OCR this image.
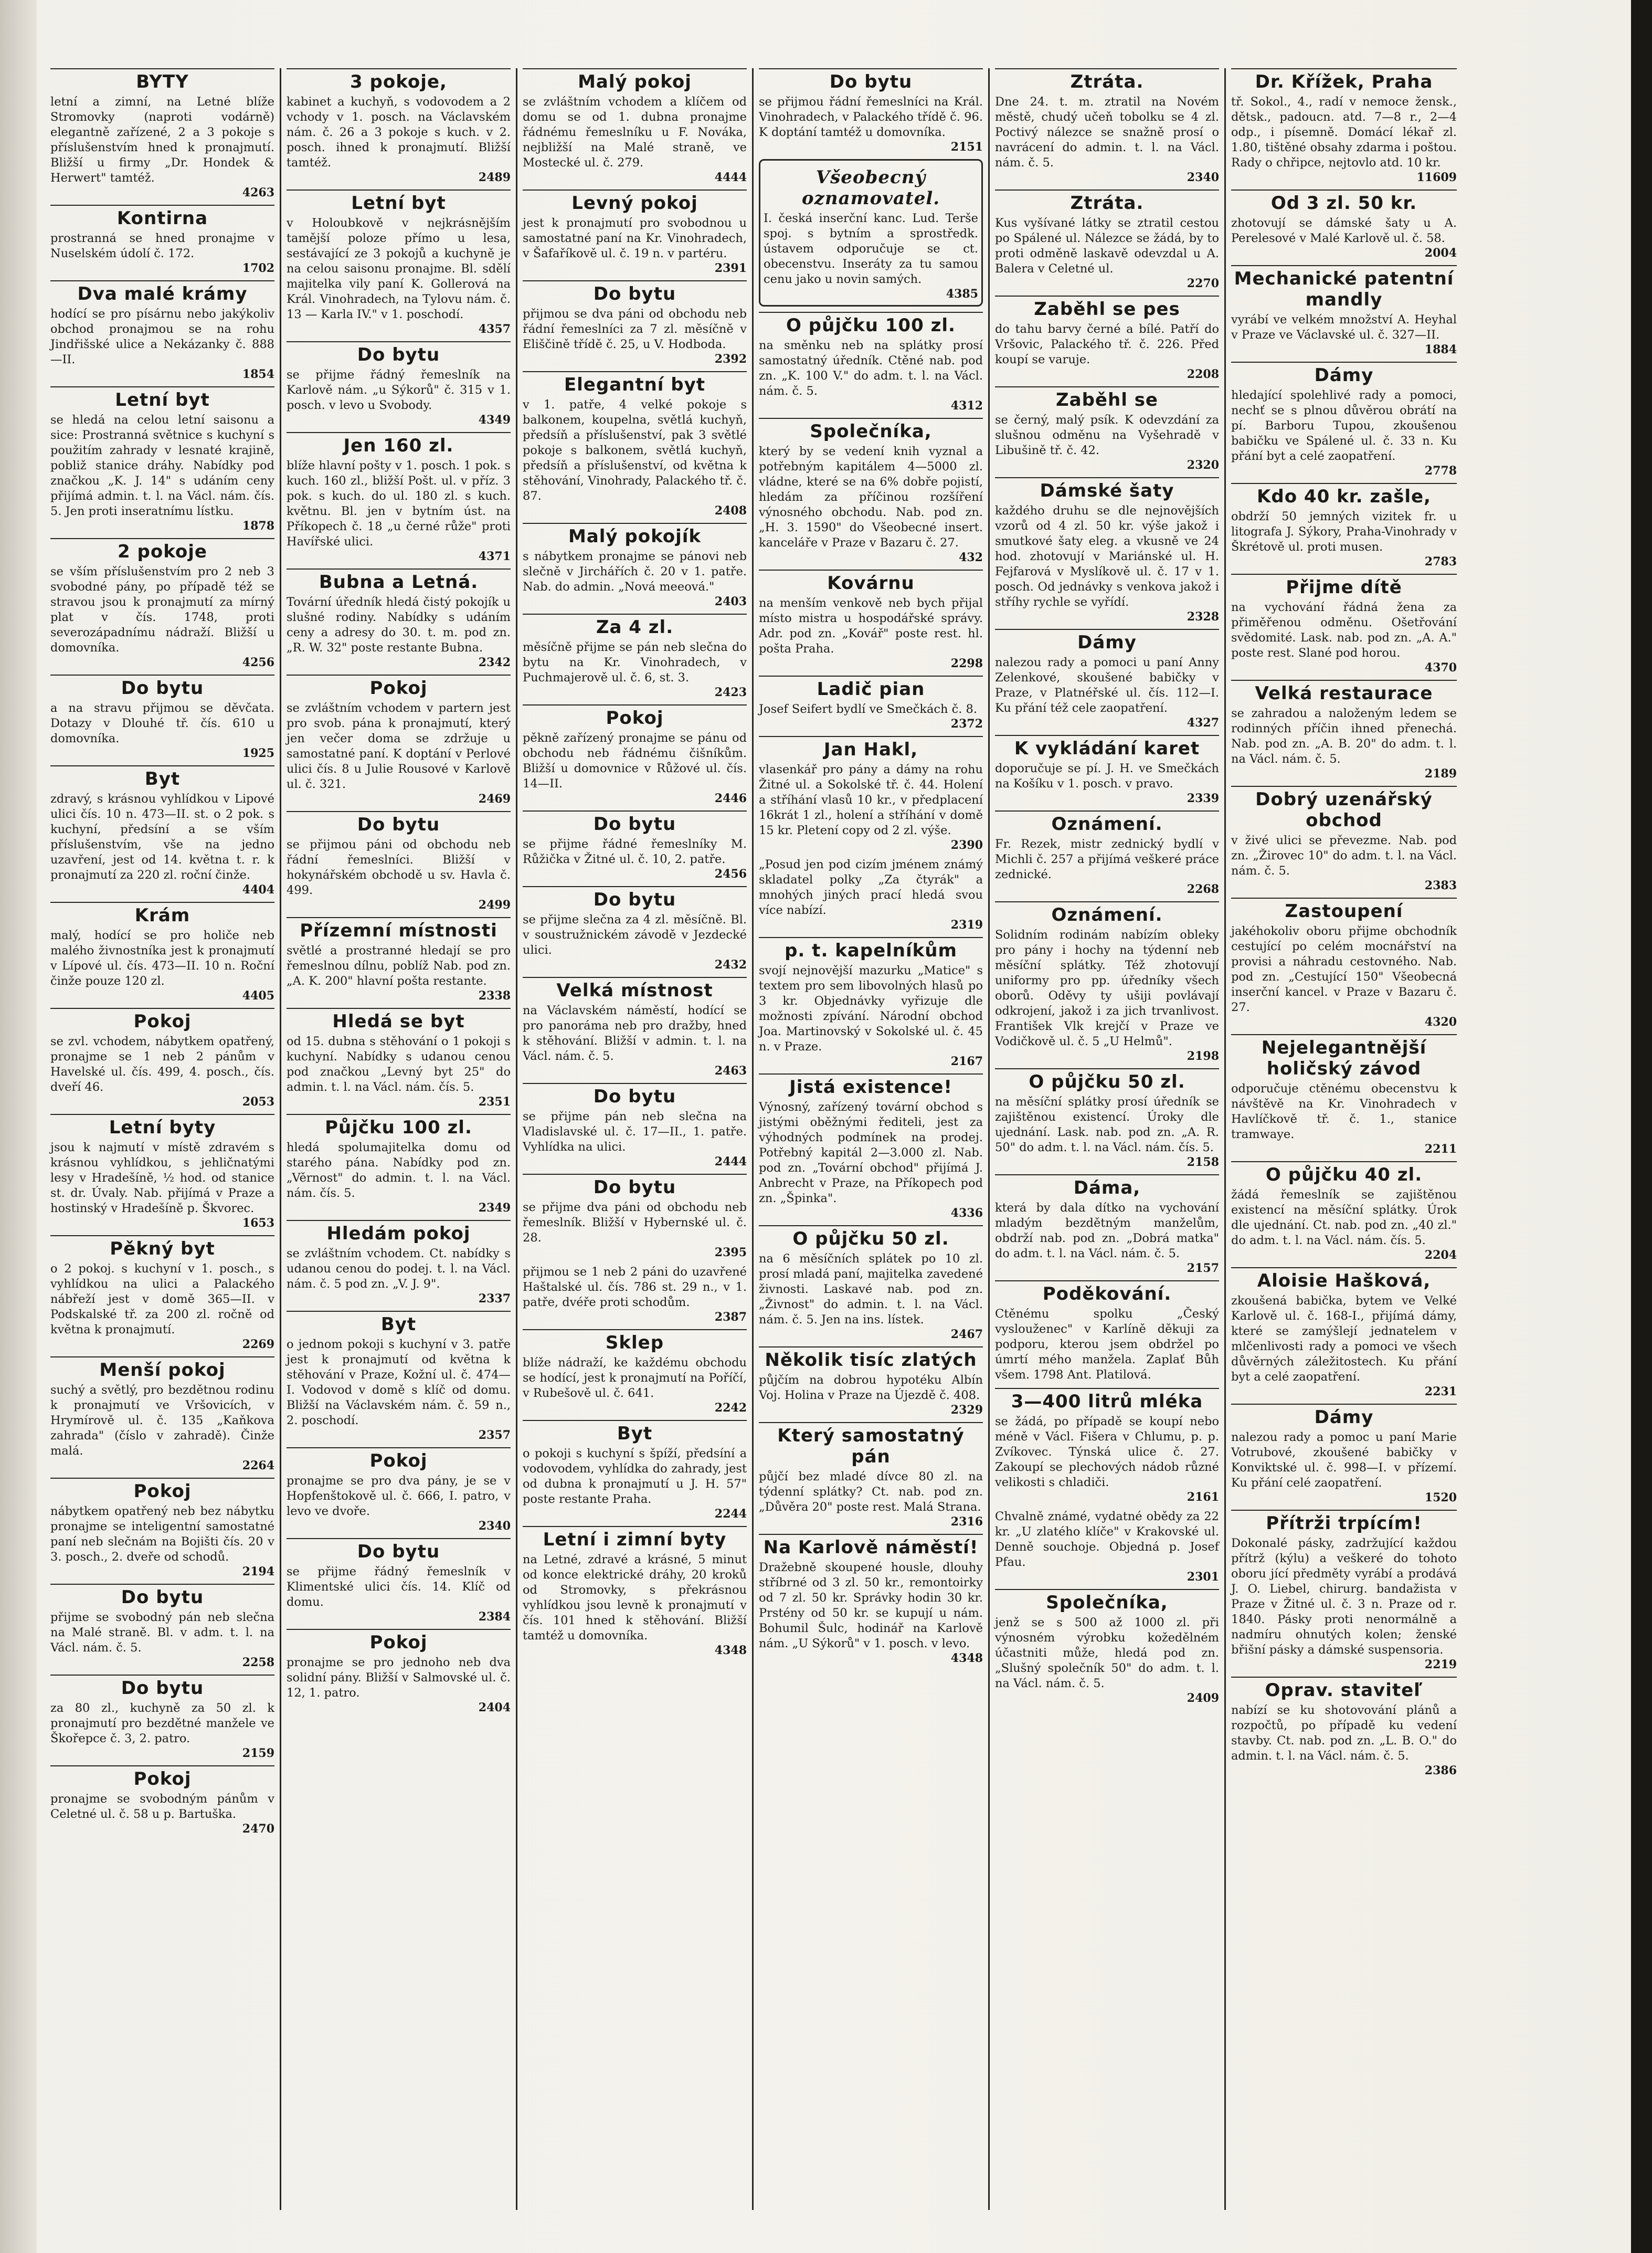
BYTY
letní a zimní, na Letné blíže Stromovky (naproti vodárně) elegantně zařízené, 2 a 3 pokoje s příslušenstvím hned k pronajmutí. Bližší u firmy „Dr. Hondek & Herwert" tamtéž.
4263
Kontirna
prostranná se hned pronajme v Nuselském údolí č. 172.
1702
Dva malé krámy
hodící se pro písárnu nebo jakýkoliv obchod pronajmou se na rohu Jindřišské ulice a Nekázanky č. 888—II.
1854
Letní byt
se hledá na celou letní saisonu a sice: Prostranná světnice s kuchyní s použitím zahrady v lesnaté krajině, pobliž stanice dráhy. Nabídky pod značkou „K. J. 14" s udáním ceny přijímá admin. t. l. na Václ. nám. čís. 5. Jen proti inseratnímu lístku.
1878
2 pokoje
se vším příslušenstvím pro 2 neb 3 svobodné pány, po případě též se stravou jsou k pronajmutí za mírný plat v čís. 1748, proti severozápadnímu nádraží. Bližší u domovníka.
4256
Do bytu
a na stravu přijmou se děvčata. Dotazy v Dlouhé tř. čís. 610 u domovníka.
1925
Byt
zdravý, s krásnou vyhlídkou v Lipové ulici čís. 10 n. 473—II. st. o 2 pok. s kuchyní, předsíní a se vším příslušenstvím, vše na jedno uzavření, jest od 14. května t. r. k pronajmutí za 220 zl. roční činže.
4404
Krám
malý, hodící se pro holiče neb malého živnostníka jest k pronajmutí v Lípové ul. čís. 473—II. 10 n. Roční činže pouze 120 zl.
4405
Pokoj
se zvl. vchodem, nábytkem opatřený, pronajme se 1 neb 2 pánům v Havelské ul. čís. 499, 4. posch., čís. dveří 46.
2053
Letní byty
jsou k najmutí v místě zdravém s krásnou vyhlídkou, s jehličnatými lesy v Hradešíně, ½ hod. od stanice st. dr. Úvaly. Nab. přijímá v Praze a hostinský v Hradešíně p. Škvorec.
1653
Pěkný byt
o 2 pokoj. s kuchyní v 1. posch., s vyhlídkou na ulici a Palackého nábřeží jest v domě 365—II. v Podskalské tř. za 200 zl. ročně od května k pronajmutí.
2269
Menší pokoj
suchý a světlý, pro bezdětnou rodinu k pronajmutí ve Vršovicích, v Hrymírově ul. č. 135 „Kaňkova zahrada" (číslo v zahradě). Činže malá.
2264
Pokoj
nábytkem opatřený neb bez nábytku pronajme se inteligentní samostatné paní neb slečnám na Bojišti čís. 20 v 3. posch., 2. dveře od schodů.
2194
Do bytu
přijme se svobodný pán neb slečna na Malé straně. Bl. v adm. t. l. na Václ. nám. č. 5.
2258
Do bytu
za 80 zl., kuchyně za 50 zl. k pronajmutí pro bezdětné manžele ve Škořepce č. 3, 2. patro.
2159
Pokoj
pronajme se svobodným pánům v Celetné ul. č. 58 u p. Bartuška.
2470
3 pokoje,
kabinet a kuchyň, s vodovodem a 2 vchody v 1. posch. na Václavském nám. č. 26 a 3 pokoje s kuch. v 2. posch. ihned k pronajmutí. Bližší tamtéž.
2489
Letní byt
v Holoubkově v nejkrásnějším tamější poloze přímo u lesa, sestávající ze 3 pokojů a kuchyně je na celou saisonu pronajme. Bl. sdělí majitelka vily paní K. Gollerová na Král. Vinohradech, na Tylovu nám. č. 13 — Karla IV." v 1. poschodí.
4357
Do bytu
se přijme řádný řemeslník na Karlově nám. „u Sýkorů" č. 315 v 1. posch. v levo u Svobody.
4349
Jen 160 zl.
blíže hlavní pošty v 1. posch. 1 pok. s kuch. 160 zl., bližší Pošt. ul. v příz. 3 pok. s kuch. do ul. 180 zl. s kuch. květnu. Bl. jen v bytním úst. na Příkopech č. 18 „u černé růže" proti Havířské ulici.
4371
Bubna a Letná.
Tovární úředník hledá čistý pokojík u slušné rodiny. Nabídky s udáním ceny a adresy do 30. t. m. pod zn. „R. W. 32" poste restante Bubna.
2342
Pokoj
se zvláštním vchodem v partern jest pro svob. pána k pronajmutí, který jen večer doma se zdržuje u samostatné paní. K doptání v Perlové ulici čís. 8 u Julie Rousové v Karlově ul. č. 321.
2469
Do bytu
se přijmou páni od obchodu neb řádní řemeslníci. Bližší v hokynářském obchodě u sv. Havla č. 499.
2499
Přízemní místnosti
světlé a prostranné hledají se pro řemeslnou dílnu, poblíž Nab. pod zn. „A. K. 200" hlavní pošta restante.
2338
Hledá se byt
od 15. dubna s stěhování o 1 pokoji s kuchyní. Nabídky s udanou cenou pod značkou „Levný byt 25" do admin. t. l. na Václ. nám. čís. 5.
2351
Půjčku 100 zl.
hledá spolumajitelka domu od starého pána. Nabídky pod zn. „Věrnost" do admin. t. l. na Václ. nám. čís. 5.
2349
Hledám pokoj
se zvláštním vchodem. Ct. nabídky s udanou cenou do podej. t. l. na Václ. nám. č. 5 pod zn. „V. J. 9".
2337
Byt
o jednom pokoji s kuchyní v 3. patře jest k pronajmutí od května k stěhování v Praze, Kožní ul. č. 474—I. Vodovod v domě s klíč od domu. Bližší na Václavském nám. č. 59 n., 2. poschodí.
2357
Pokoj
pronajme se pro dva pány, je se v Hopfenštokově ul. č. 666, I. patro, v levo ve dvoře.
2340
Do bytu
se přijme řádný řemeslník v Klimentské ulici čís. 14. Klíč od domu.
2384
Pokoj
pronajme se pro jednoho neb dva solidní pány. Bližší v Salmovské ul. č. 12, 1. patro.
2404
Malý pokoj
se zvláštním vchodem a klíčem od domu se od 1. dubna pronajme řádnému řemeslníku u F. Nováka, nejbližší na Malé straně, ve Mostecké ul. č. 279.
4444
Levný pokoj
jest k pronajmutí pro svobodnou u samostatné paní na Kr. Vinohradech, v Šafaříkově ul. č. 19 n. v partéru.
2391
Do bytu
přijmou se dva páni od obchodu neb řádní řemeslníci za 7 zl. měsíčně v Eliščině třídě č. 25, u V. Hodboda.
2392
Elegantní byt
v 1. patře, 4 velké pokoje s balkonem, koupelna, světlá kuchyň, předsíň a příslušenství, pak 3 světlé pokoje s balkonem, světlá kuchyň, předsíň a příslušenství, od května k stěhování, Vinohrady, Palackého tř. č. 87.
2408
Malý pokojík
s nábytkem pronajme se pánovi neb slečně v Jirchářích č. 20 v 1. patře. Nab. do admin. „Nová meeová."
2403
Za 4 zl.
měsíčně přijme se pán neb slečna do bytu na Kr. Vinohradech, v Puchmajerově ul. č. 6, st. 3.
2423
Pokoj
pěkně zařízený pronajme se pánu od obchodu neb řádnému čišníkům. Bližší u domovnice v Růžové ul. čís. 14—II.
2446
Do bytu
se přijme řádné řemeslníky M. Růžička v Žitné ul. č. 10, 2. patře.
2456
Do bytu
se přijme slečna za 4 zl. měsíčně. Bl. v soustružnickém závodě v Jezdecké ulici.
2432
Velká místnost
na Václavském náměstí, hodící se pro panoráma neb pro dražby, hned k stěhování. Bližší v admin. t. l. na Václ. nám. č. 5.
2463
Do bytu
se přijme pán neb slečna na Vladislavské ul. č. 17—II., 1. patře. Vyhlídka na ulici.
2444
Do bytu
se přijme dva páni od obchodu neb řemeslník. Bližší v Hybernské ul. č. 28.
2395
přijmou se 1 neb 2 páni do uzavřené Haštalské ul. čís. 786 st. 29 n., v 1. patře, dvéře proti schodům.
2387
Sklep
blíže nádraží, ke každému obchodu se hodící, jest k pronajmutí na Poříčí, v Rubešově ul. č. 641.
2242
Byt
o pokoji s kuchyní s špíží, předsíní a vodovodem, vyhlídka do zahrady, jest od dubna k pronajmutí u J. H. 57" poste restante Praha.
2244
Letní i zimní byty
na Letné, zdravé a krásné, 5 minut od konce elektrické dráhy, 20 kroků od Stromovky, s překrásnou vyhlídkou jsou levně k pronajmutí v čís. 101 hned k stěhování. Bližší tamtéž u domovníka.
4348
Do bytu
se přijmou řádní řemeslníci na Král. Vinohradech, v Palackého třídě č. 96. K doptání tamtéž u domovníka.
2151
Všeobecný oznamovatel.
I. česká inserční kanc. Lud. Terše spoj. s bytním a sprostředk. ústavem odporučuje se ct. obecenstvu. Inseráty za tu samou cenu jako u novin samých.
4385
O půjčku 100 zl.
na směnku neb na splátky prosí samostatný úředník. Ctěné nab. pod zn. „K. 100 V." do adm. t. l. na Václ. nám. č. 5.
4312
Společníka,
který by se vedení knih vyznal a potřebným kapitálem 4—5000 zl. vládne, které se na 6% dobře pojistí, hledám za příčinou rozšíření výnosného obchodu. Nab. pod zn. „H. 3. 1590" do Všeobecné insert. kanceláře v Praze v Bazaru č. 27.
432
Kovárnu
na menším venkově neb bych přijal místo mistra u hospodářské správy. Adr. pod zn. „Kovář" poste rest. hl. pošta Praha.
2298
Ladič pian
Josef Seifert bydlí ve Smečkách č. 8.
2372
Jan Hakl,
vlasenkář pro pány a dámy na rohu Žitné ul. a Sokolské tř. č. 44. Holení a stříhání vlasů 10 kr., v předplacení 16krát 1 zl., holení a stříhání v domě 15 kr. Pletení copy od 2 zl. výše.
2390
„Posud jen pod cizím jménem známý skladatel polky „Za čtyrák" a mnohých jiných prací hledá svou více nabízí.
2319
p. t. kapelníkům
svojí nejnovější mazurku „Matice" s textem pro sem libovolných hlasů po 3 kr. Objednávky vyřizuje dle možnosti zpívání. Národní obchod Joa. Martinovský v Sokolské ul. č. 45 n. v Praze.
2167
Jistá existence!
Výnosný, zařízený tovární obchod s jistými oběžnými řediteli, jest za výhodných podmínek na prodej. Potřebný kapitál 2—3.000 zl. Nab. pod zn. „Tovární obchod" přijímá J. Anbrecht v Praze, na Příkopech pod zn. „Špinka".
4336
O půjčku 50 zl.
na 6 měsíčních splátek po 10 zl. prosí mladá paní, majitelka zavedené živnosti. Laskavé nab. pod zn. „Živnost" do admin. t. l. na Václ. nám. č. 5. Jen na ins. lístek.
2467
Několik tisíc zlatých
půjčím na dobrou hypotéku Albín Voj. Holina v Praze na Újezdě č. 408.
2329
Který samostatný pán
půjčí bez mladé dívce 80 zl. na týdenní splátky? Ct. nab. pod zn. „Důvěra 20" poste rest. Malá Strana.
2316
Na Karlově náměstí!
Dražebně skoupené housle, dlouhy stříbrné od 3 zl. 50 kr., remontoirky od 7 zl. 50 kr. Správky hodin 30 kr. Prstény od 50 kr. se kupují u nám. Bohumil Šulc, hodinář na Karlově nám. „U Sýkorů" v 1. posch. v levo.
4348
Ztráta.
Dne 24. t. m. ztratil na Novém městě, chudý učeň tobolku se 4 zl. Poctivý nálezce se snažně prosí o navrácení do admin. t. l. na Václ. nám. č. 5.
2340
Ztráta.
Kus vyšívané látky se ztratil cestou po Spálené ul. Nálezce se žádá, by to proti odměně laskavě odevzdal u A. Balera v Celetné ul.
2270
Zaběhl se pes
do tahu barvy černé a bílé. Patří do Vršovic, Palackého tř. č. 226. Před koupí se varuje.
2208
Zaběhl se
se černý, malý psík. K odevzdání za slušnou odměnu na Vyšehradě v Libušině tř. č. 42.
2320
Dámské šaty
každého druhu se dle nejnovějších vzorů od 4 zl. 50 kr. výše jakož i smutkové šaty eleg. a vkusně ve 24 hod. zhotovují v Mariánské ul. H. Fejfarová v Myslíkově ul. č. 17 v 1. posch. Od jednávky s venkova jakož i stříhy rychle se vyřídí.
2328
Dámy
nalezou rady a pomoci u paní Anny Zelenkové, skoušené babičky v Praze, v Platnéřské ul. čís. 112—I. Ku přání též cele zaopatření.
4327
K vykládání karet
doporučuje se pí. J. H. ve Smečkách na Košíku v 1. posch. v pravo.
2339
Oznámení.
Fr. Rezek, mistr zednický bydlí v Michli č. 257 a přijímá veškeré práce zednické.
2268
Oznámení.
Solidním rodinám nabízím obleky pro pány i hochy na týdenní neb měsíční splátky. Též zhotovují uniformy pro pp. úředníky všech oborů. Oděvy ty ušiji povlávají odkrojení, jakož i za jich trvanlivost. František Vlk krejčí v Praze ve Vodičkově ul. č. 5 „U Helmů".
2198
O půjčku 50 zl.
na měsíční splátky prosí úředník se zajištěnou existencí. Úroky dle ujednání. Lask. nab. pod zn. „A. R. 50" do adm. t. l. na Václ. nám. čís. 5.
2158
Dáma,
která by dala dítko na vychování mladým bezdětným manželům, obdrží nab. pod zn. „Dobrá matka" do adm. t. l. na Václ. nám. č. 5.
2157
Poděkování.
Ctěnému spolku „Český vyslouženec" v Karlíně děkuji za podporu, kterou jsem obdržel po úmrtí mého manžela. Zaplať Bůh všem. 1798 Ant. Platilová.
3—400 litrů mléka
se žádá, po případě se koupí nebo méně v Václ. Fišera v Chlumu, p. p. Zvíkovec. Týnská ulice č. 27. Zakoupí se plechových nádob různé velikosti s chladiči.
2161
Chvalně známé, vydatné obědy za 22 kr. „U zlatého klíče" v Krakovské ul. Denně souchoje. Objedná p. Josef Pfau.
2301
Společníka,
jenž se s 500 až 1000 zl. při výnosném výrobku kožedělném účastniti může, hledá pod zn. „Slušný společník 50" do adm. t. l. na Václ. nám. č. 5.
2409
Dr. Křížek, Praha
tř. Sokol., 4., radí v nemoce žensk., dětsk., padoucn. atd. 7—8 r., 2—4 odp., i písemně. Domácí lékař zl. 1.80, tištěné obsahy zdarma i poštou. Rady o chřipce, nejtovlo atd. 10 kr.
11609
Od 3 zl. 50 kr.
zhotovují se dámské šaty u A. Perelesové v Malé Karlově ul. č. 58.
2004
Mechanické patentní mandly
vyrábí ve velkém množství A. Heyhal v Praze ve Václavské ul. č. 327—II.
1884
Dámy
hledající spolehlivé rady a pomoci, nechť se s plnou důvěrou obrátí na pí. Barboru Tupou, zkoušenou babičku ve Spálené ul. č. 33 n. Ku přání byt a celé zaopatření.
2778
Kdo 40 kr. zašle,
obdrží 50 jemných vizitek fr. u litografa J. Sýkory, Praha-Vinohrady v Škrétově ul. proti musen.
2783
Přijme dítě
na vychování řádná žena za přiměřenou odměnu. Ošetřování svědomité. Lask. nab. pod zn. „A. A." poste rest. Slané pod horou.
4370
Velká restaurace
se zahradou a naloženým ledem se rodinných příčin ihned přenechá. Nab. pod zn. „A. B. 20" do adm. t. l. na Václ. nám. č. 5.
2189
Dobrý uzenářský obchod
v živé ulici se převezme. Nab. pod zn. „Žirovec 10" do adm. t. l. na Václ. nám. č. 5.
2383
Zastoupení
jakéhokoliv oboru přijme obchodník cestující po celém mocnářství na provisi a náhradu cestovného. Nab. pod zn. „Cestující 150" Všeobecná inserční kancel. v Praze v Bazaru č. 27.
4320
Nejelegantnější holičský závod
odporučuje ctěnému obecenstvu k návštěvě na Kr. Vinohradech v Havlíčkově tř. č. 1., stanice tramwaye.
2211
O půjčku 40 zl.
žádá řemeslník se zajištěnou existencí na měsíční splátky. Úrok dle ujednání. Ct. nab. pod zn. „40 zl." do adm. t. l. na Václ. nám. čís. 5.
2204
Aloisie Hašková,
zkoušená babička, bytem ve Velké Karlově ul. č. 168-I., přijímá dámy, které se zamýšlejí jednatelem v mlčenlivosti rady a pomoci ve všech důvěrných záležitostech. Ku přání byt a celé zaopatření.
2231
Dámy
nalezou rady a pomoc u paní Marie Votrubové, zkoušené babičky v Konviktské ul. č. 998—I. v přízemí. Ku přání celé zaopatření.
1520
Přítrži trpícím!
Dokonalé pásky, zadržující každou přítrž (kýlu) a veškeré do tohoto oboru jící předměty vyrábí a prodává J. O. Liebel, chirurg. bandažista v Praze v Žitné ul. č. 3 n. Praze od r. 1840. Pásky proti nenormálně a nadmíru ohnutých kolen; ženské břišní pásky a dámské suspensoria.
2219
Oprav. staviteľ
nabízí se ku shotovování plánů a rozpočtů, po případě ku vedení stavby. Ct. nab. pod zn. „L. B. O." do admin. t. l. na Václ. nám. č. 5.
2386
